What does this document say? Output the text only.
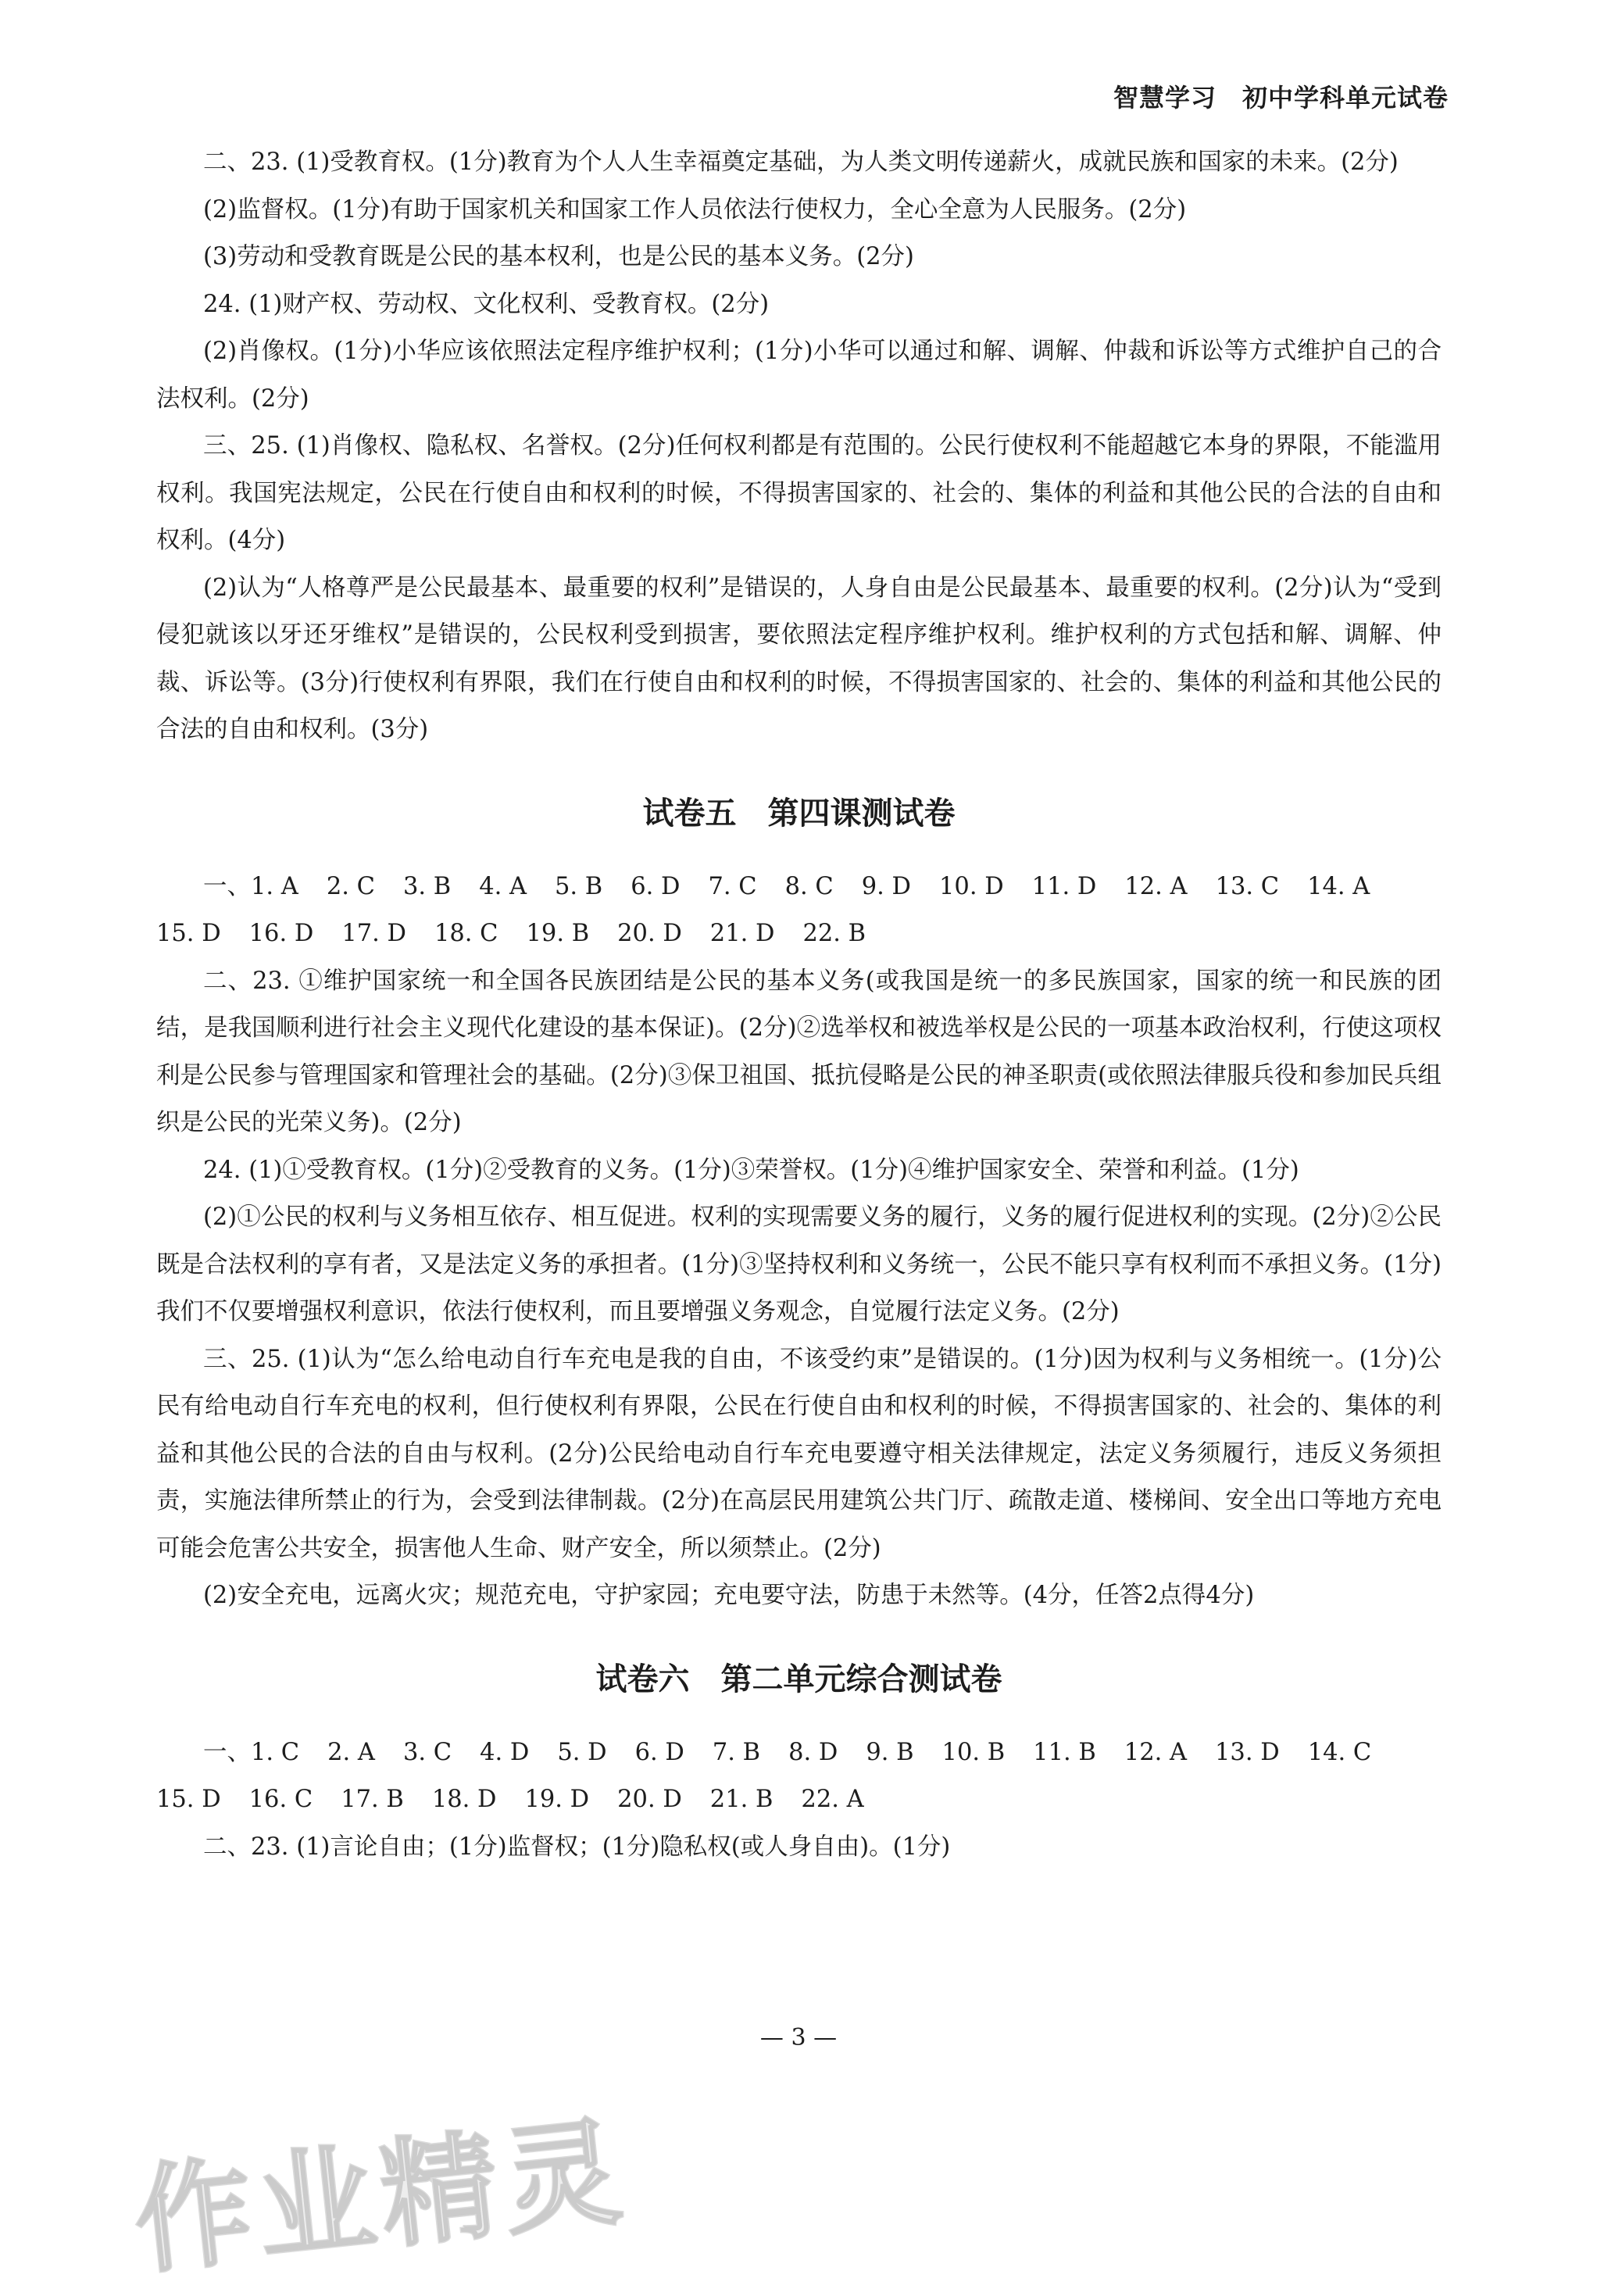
智慧学习　初中学科单元试卷

二、23. (1)受教育权。(1分)教育为个人人生幸福奠定基础，为人类文明传递薪火，成就民族和国家的未来。(2分)

(2)监督权。(1分)有助于国家机关和国家工作人员依法行使权力，全心全意为人民服务。(2分)

(3)劳动和受教育既是公民的基本权利，也是公民的基本义务。(2分)

24. (1)财产权、劳动权、文化权利、受教育权。(2分)

(2)肖像权。(1分)小华应该依照法定程序维护权利；(1分)小华可以通过和解、调解、仲裁和诉讼等方式维护自己的合法权利。(2分)

三、25. (1)肖像权、隐私权、名誉权。(2分)任何权利都是有范围的。公民行使权利不能超越它本身的界限，不能滥用权利。我国宪法规定，公民在行使自由和权利的时候，不得损害国家的、社会的、集体的利益和其他公民的合法的自由和权利。(4分)

(2)认为“人格尊严是公民最基本、最重要的权利”是错误的，人身自由是公民最基本、最重要的权利。(2分)认为“受到侵犯就该以牙还牙维权”是错误的，公民权利受到损害，要依照法定程序维护权利。维护权利的方式包括和解、调解、仲裁、诉讼等。(3分)行使权利有界限，我们在行使自由和权利的时候，不得损害国家的、社会的、集体的利益和其他公民的合法的自由和权利。(3分)

试卷五　第四课测试卷

一、1. A 2. C 3. B 4. A 5. B 6. D 7. C 8. C 9. D 10. D 11. D 12. A 13. C 14. A

15. D 16. D 17. D 18. C 19. B 20. D 21. D 22. B

二、23. ①维护国家统一和全国各民族团结是公民的基本义务(或我国是统一的多民族国家，国家的统一和民族的团结，是我国顺利进行社会主义现代化建设的基本保证)。(2分)②选举权和被选举权是公民的一项基本政治权利，行使这项权利是公民参与管理国家和管理社会的基础。(2分)③保卫祖国、抵抗侵略是公民的神圣职责(或依照法律服兵役和参加民兵组织是公民的光荣义务)。(2分)

24. (1)①受教育权。(1分)②受教育的义务。(1分)③荣誉权。(1分)④维护国家安全、荣誉和利益。(1分)

(2)①公民的权利与义务相互依存、相互促进。权利的实现需要义务的履行，义务的履行促进权利的实现。(2分)②公民既是合法权利的享有者，又是法定义务的承担者。(1分)③坚持权利和义务统一，公民不能只享有权利而不承担义务。(1分)我们不仅要增强权利意识，依法行使权利，而且要增强义务观念，自觉履行法定义务。(2分)

三、25. (1)认为“怎么给电动自行车充电是我的自由，不该受约束”是错误的。(1分)因为权利与义务相统一。(1分)公民有给电动自行车充电的权利，但行使权利有界限，公民在行使自由和权利的时候，不得损害国家的、社会的、集体的利益和其他公民的合法的自由与权利。(2分)公民给电动自行车充电要遵守相关法律规定，法定义务须履行，违反义务须担责，实施法律所禁止的行为，会受到法律制裁。(2分)在高层民用建筑公共门厅、疏散走道、楼梯间、安全出口等地方充电可能会危害公共安全，损害他人生命、财产安全，所以须禁止。(2分)

(2)安全充电，远离火灾；规范充电，守护家园；充电要守法，防患于未然等。(4分，任答2点得4分)

试卷六　第二单元综合测试卷

一、1. C 2. A 3. C 4. D 5. D 6. D 7. B 8. D 9. B 10. B 11. B 12. A 13. D 14. C

15. D 16. C 17. B 18. D 19. D 20. D 21. B 22. A

二、23. (1)言论自由；(1分)监督权；(1分)隐私权(或人身自由)。(1分)

— 3 —
作业精灵
